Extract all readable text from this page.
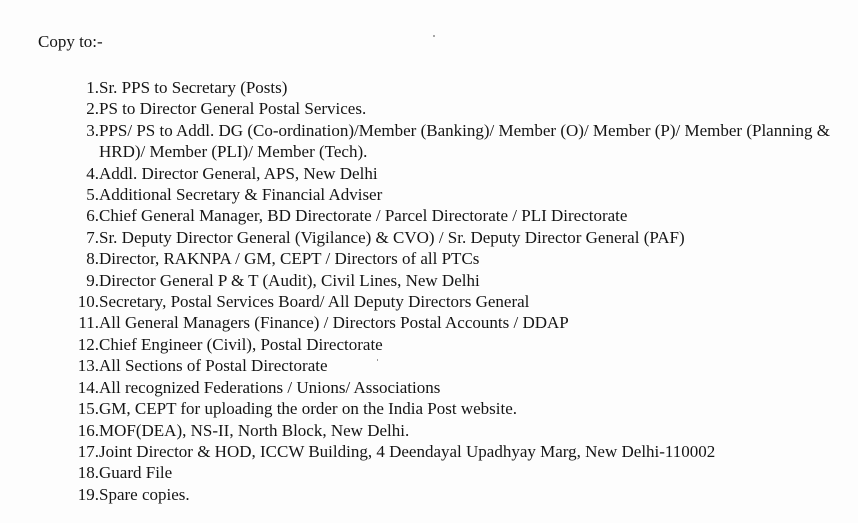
Copy to:-
1. Sr. PPS to Secretary (Posts)
2. PS to Director General Postal Services.
3. PPS/ PS to Addl. DG (Co-ordination)/Member (Banking)/ Member (O)/ Member (P)/ Member (Planning & HRD)/ Member (PLI)/ Member (Tech).
4. Addl. Director General, APS, New Delhi
5. Additional Secretary & Financial Adviser
6. Chief General Manager, BD Directorate / Parcel Directorate / PLI Directorate
7. Sr. Deputy Director General (Vigilance) & CVO) / Sr. Deputy Director General (PAF)
8. Director, RAKNPA / GM, CEPT / Directors of all PTCs
9. Director General P & T (Audit), Civil Lines, New Delhi
10. Secretary, Postal Services Board/ All Deputy Directors General
11. All General Managers (Finance) / Directors Postal Accounts / DDAP
12. Chief Engineer (Civil), Postal Directorate
13. All Sections of Postal Directorate
14. All recognized Federations / Unions/ Associations
15. GM, CEPT for uploading the order on the India Post website.
16. MOF(DEA), NS-II, North Block, New Delhi.
17. Joint Director & HOD, ICCW Building, 4 Deendayal Upadhyay Marg, New Delhi-110002
18. Guard File
19. Spare copies.
